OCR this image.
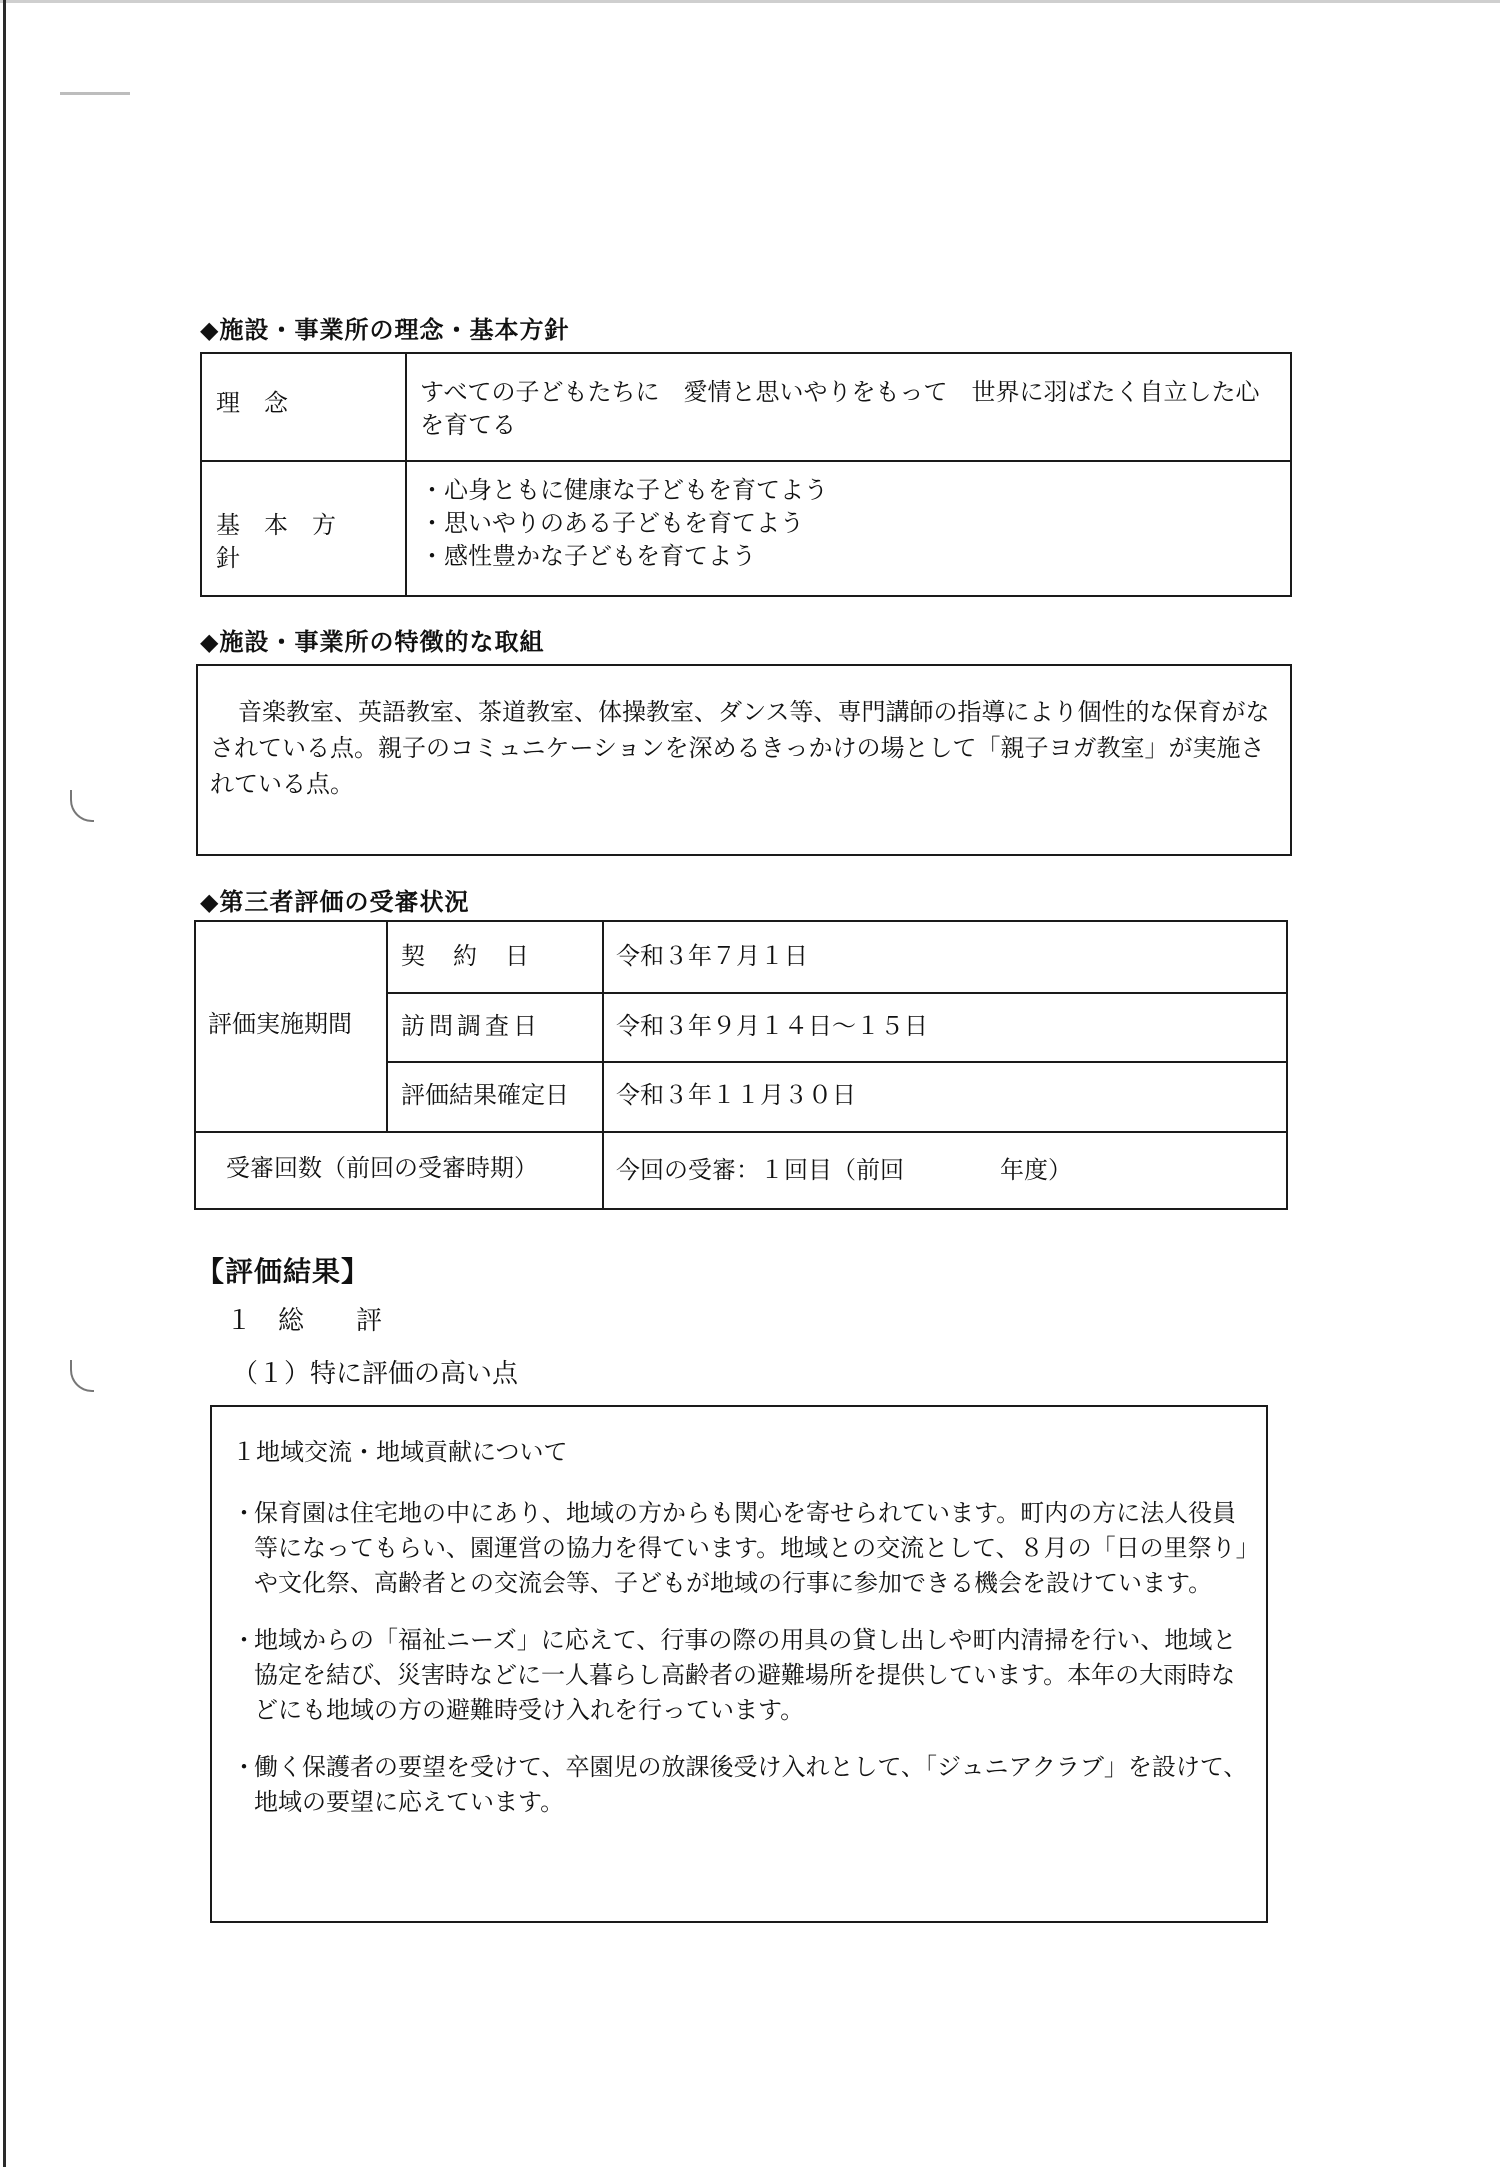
◆施設・事業所の理念・基本方針
理　念	すべての子どもたちに　愛情と思いやりをもって　世界に羽ばたく自立した心を育てる
基本方針
・心身ともに健康な子どもを育てよう
・思いやりのある子どもを育てよう
・感性豊かな子どもを育てよう
◆施設・事業所の特徴的な取組
音楽教室、英語教室、茶道教室、体操教室、ダンス等、専門講師の指導により個性的な保育がなされている点。親子のコミュニケーションを深めるきっかけの場として「親子ヨガ教室」が実施されている点。
◆第三者評価の受審状況
評価実施期間
契　約　日	令和３年７月１日
訪問調査日	令和３年９月１４日～１５日
評価結果確定日	令和３年１１月３０日
受審回数（前回の受審時期）	今回の受審：１回目（前回　　　　年度）
【評価結果】
１　総　　評
（１）特に評価の高い点
１地域交流・地域貢献について
・
保育園は住宅地の中にあり、地域の方からも関心を寄せられています。町内の方に法人役員等になってもらい、園運営の協力を得ています。地域との交流として、８月の「日の里祭り」や文化祭、高齢者との交流会等、子どもが地域の行事に参加できる機会を設けています。
・
地域からの「福祉ニーズ」に応えて、行事の際の用具の貸し出しや町内清掃を行い、地域と協定を結び、災害時などに一人暮らし高齢者の避難場所を提供しています。本年の大雨時などにも地域の方の避難時受け入れを行っています。
・
働く保護者の要望を受けて、卒園児の放課後受け入れとして、「ジュニアクラブ」を設けて、地域の要望に応えています。
